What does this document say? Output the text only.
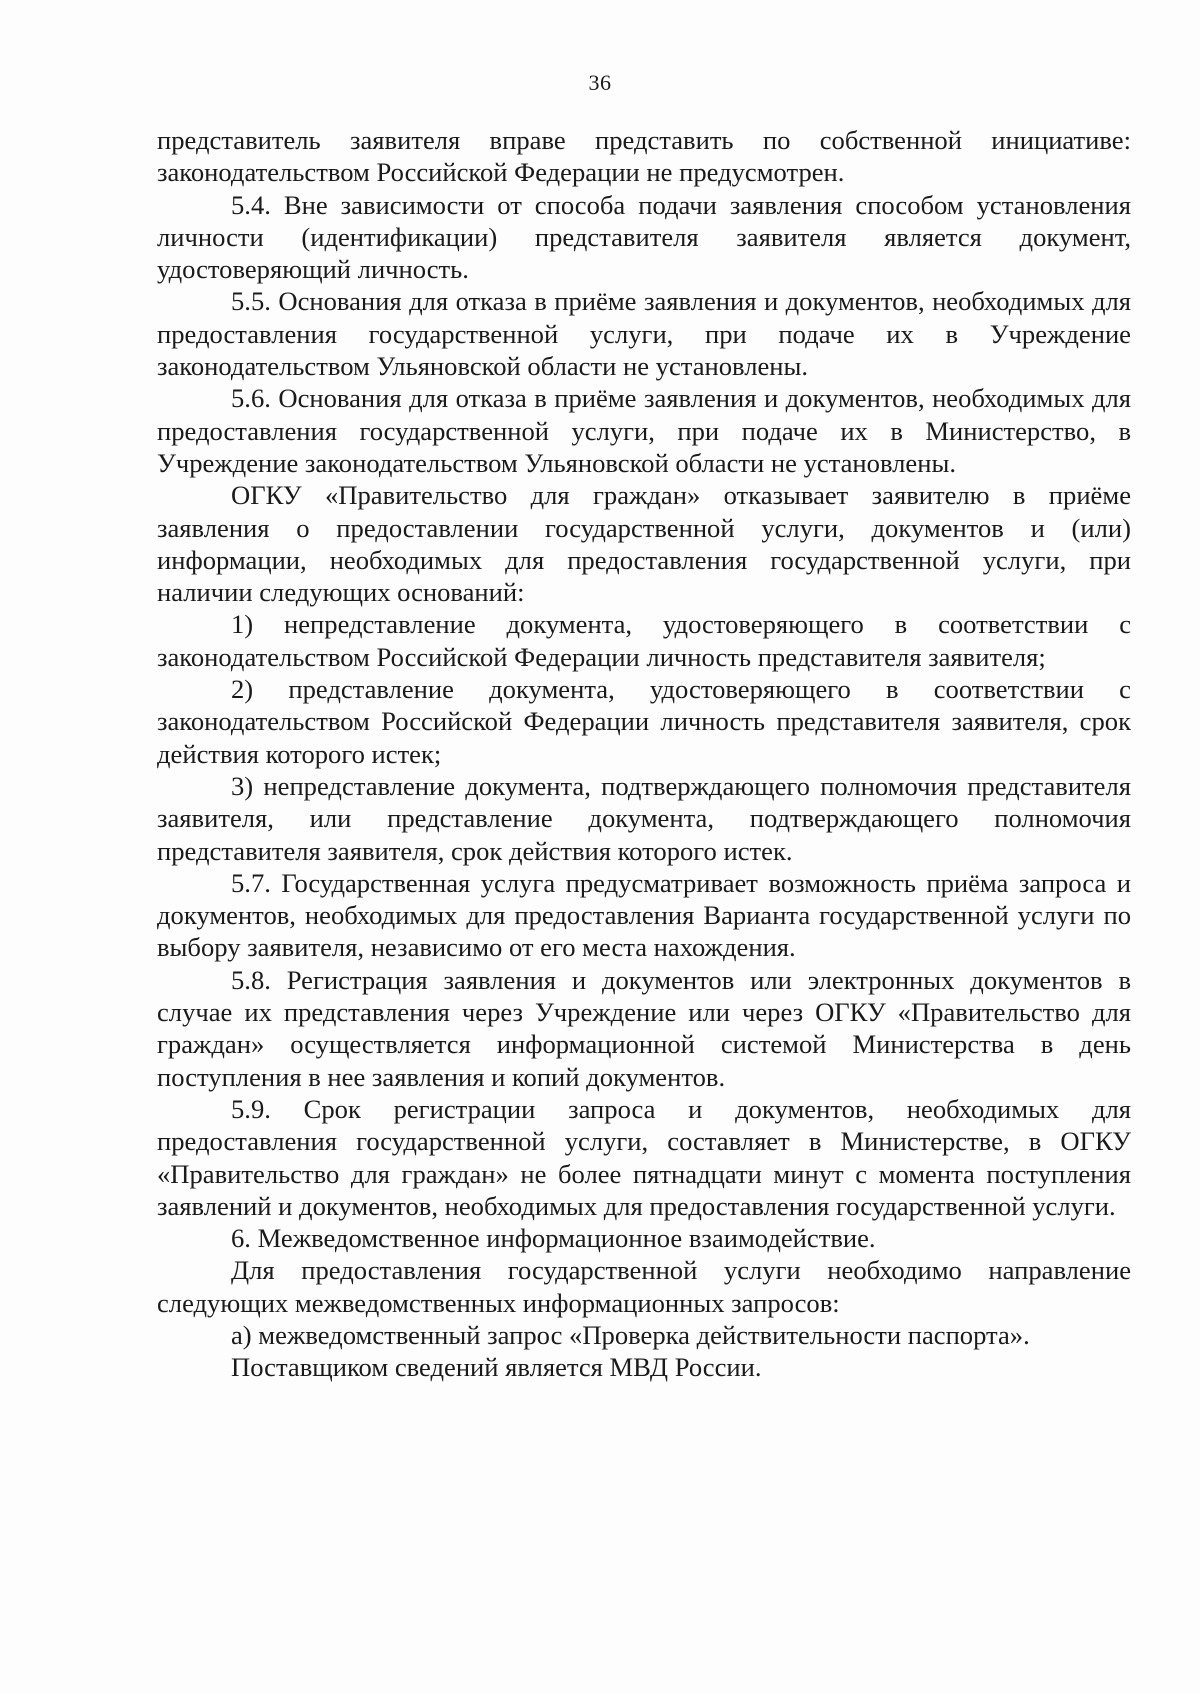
36

представитель заявителя вправе представить по собственной инициативе: законодательством Российской Федерации не предусмотрен.

5.4. Вне зависимости от способа подачи заявления способом установления личности (идентификации) представителя заявителя является документ, удостоверяющий личность.

5.5. Основания для отказа в приёме заявления и документов, необходимых для предоставления государственной услуги, при подаче их в Учреждение законодательством Ульяновской области не установлены.

5.6. Основания для отказа в приёме заявления и документов, необходимых для предоставления государственной услуги, при подаче их в Министерство, в Учреждение законодательством Ульяновской области не установлены.

ОГКУ «Правительство для граждан» отказывает заявителю в приёме заявления о предоставлении государственной услуги, документов и (или) информации, необходимых для предоставления государственной услуги, при наличии следующих оснований:

1) непредставление документа, удостоверяющего в соответствии с законодательством Российской Федерации личность представителя заявителя;

2) представление документа, удостоверяющего в соответствии с законодательством Российской Федерации личность представителя заявителя, срок действия которого истек;

3) непредставление документа, подтверждающего полномочия представителя заявителя, или представление документа, подтверждающего полномочия представителя заявителя, срок действия которого истек.

5.7. Государственная услуга предусматривает возможность приёма запроса и документов, необходимых для предоставления Варианта государственной услуги по выбору заявителя, независимо от его места нахождения.

5.8. Регистрация заявления и документов или электронных документов в случае их представления через Учреждение или через ОГКУ «Правительство для граждан» осуществляется информационной системой Министерства в день поступления в нее заявления и копий документов.

5.9. Срок регистрации запроса и документов, необходимых для предоставления государственной услуги, составляет в Министерстве, в ОГКУ «Правительство для граждан» не более пятнадцати минут с момента поступления заявлений и документов, необходимых для предоставления государственной услуги.

6. Межведомственное информационное взаимодействие.

Для предоставления государственной услуги необходимо направление следующих межведомственных информационных запросов:

а) межведомственный запрос «Проверка действительности паспорта».

Поставщиком сведений является МВД России.
